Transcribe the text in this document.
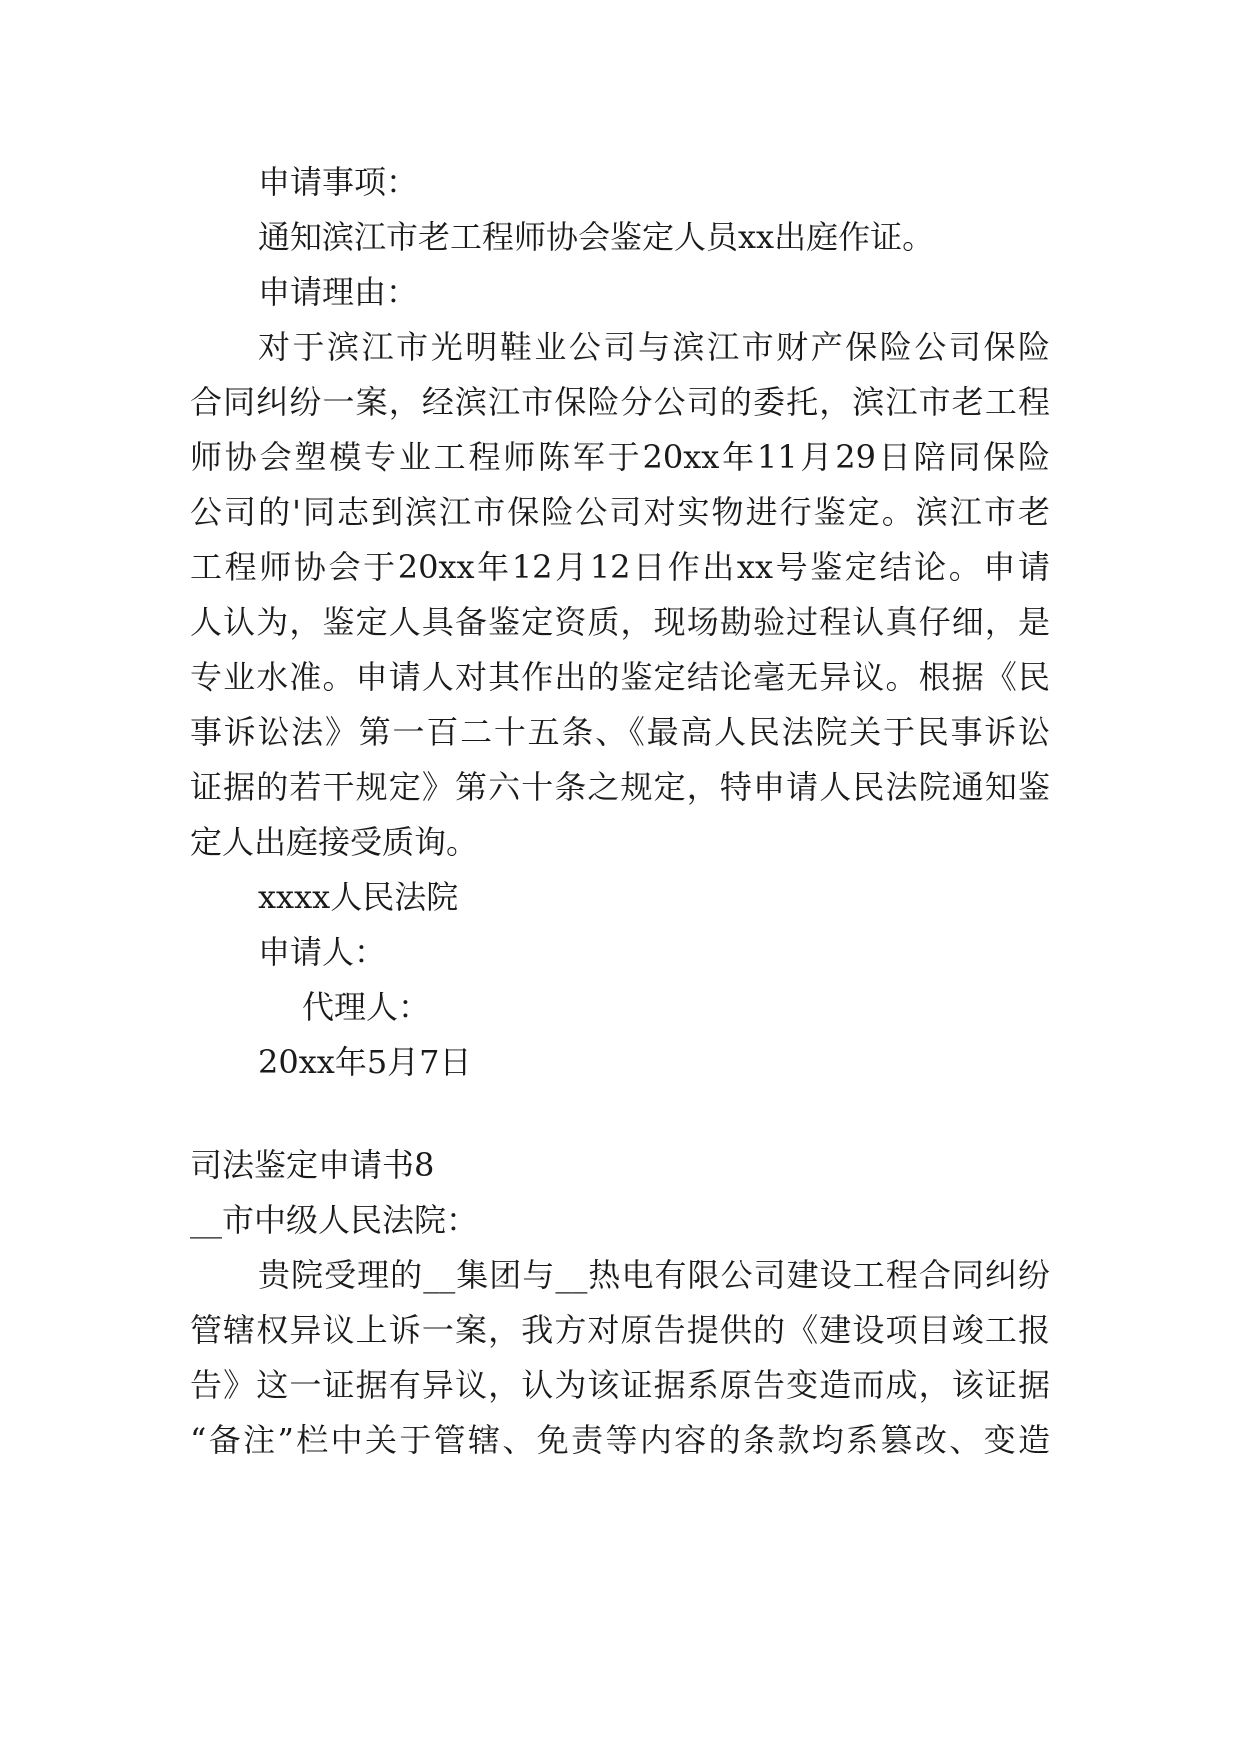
申请事项：
通知滨江市老工程师协会鉴定人员xx出庭作证。
申请理由：
对于滨江市光明鞋业公司与滨江市财产保险公司保险
合同纠纷一案，经滨江市保险分公司的委托，滨江市老工程
师协会塑模专业工程师陈军于20xx年11月29日陪同保险
公司的'同志到滨江市保险公司对实物进行鉴定。滨江市老
工程师协会于20xx年12月12日作出xx号鉴定结论。申请
人认为，鉴定人具备鉴定资质，现场勘验过程认真仔细，是
专业水准。申请人对其作出的鉴定结论毫无异议。根据《民
事诉讼法》第一百二十五条、《最高人民法院关于民事诉讼
证据的若干规定》第六十条之规定，特申请人民法院通知鉴
定人出庭接受质询。
xxxx人民法院
申请人：
代理人：
20xx年5月7日
司法鉴定申请书8
__市中级人民法院：
贵院受理的__集团与__热电有限公司建设工程合同纠纷
管辖权异议上诉一案，我方对原告提供的《建设项目竣工报
告》这一证据有异议，认为该证据系原告变造而成，该证据
“备注”栏中关于管辖、免责等内容的条款均系篡改、变造
